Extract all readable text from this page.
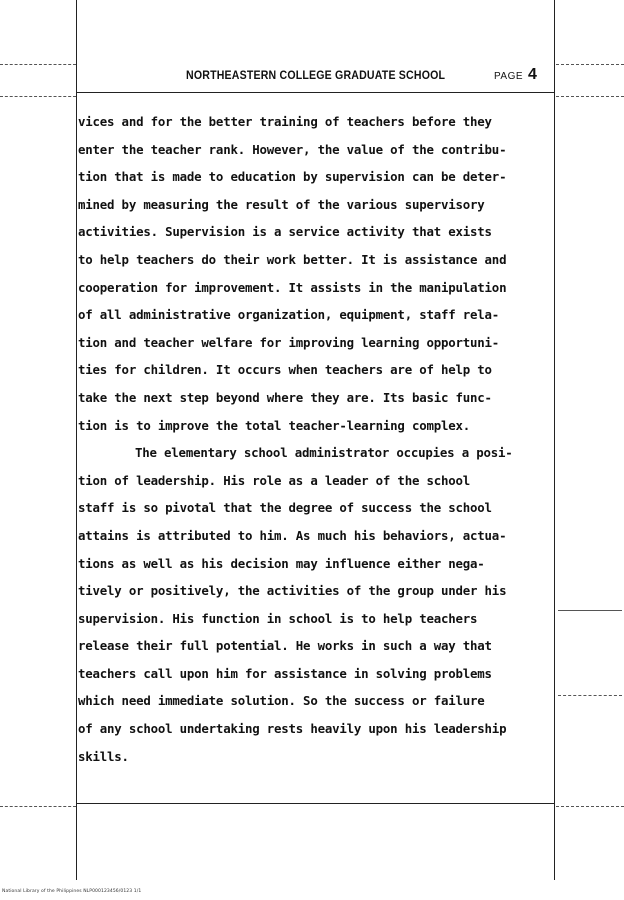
NORTHEASTERN COLLEGE GRADUATE SCHOOL	PAGE 4
vices and for the better training of teachers before they
enter the teacher rank. However, the value of the contribu-
tion that is made to education by supervision can be deter-
mined by measuring the result of the various supervisory
activities. Supervision is a service activity that exists
to help teachers do their work better. It is assistance and
cooperation for improvement. It assists in the manipulation
of all administrative organization, equipment, staff rela-
tion and teacher welfare for improving learning opportuni-
ties for children. It occurs when teachers are of help to
take the next step beyond where they are. Its basic func-
tion is to improve the total teacher-learning complex.
The elementary school administrator occupies a posi-
tion of leadership. His role as a leader of the school
staff is so pivotal that the degree of success the school
attains is attributed to him. As much his behaviors, actua-
tions as well as his decision may influence either nega-
tively or positively, the activities of the group under his
supervision. His function in school is to help teachers
release their full potential. He works in such a way that
teachers call upon him for assistance in solving problems
which need immediate solution. So the success or failure
of any school undertaking rests heavily upon his leadership
skills.
National Library of the Philippines NLP000123456/0123 1/1
